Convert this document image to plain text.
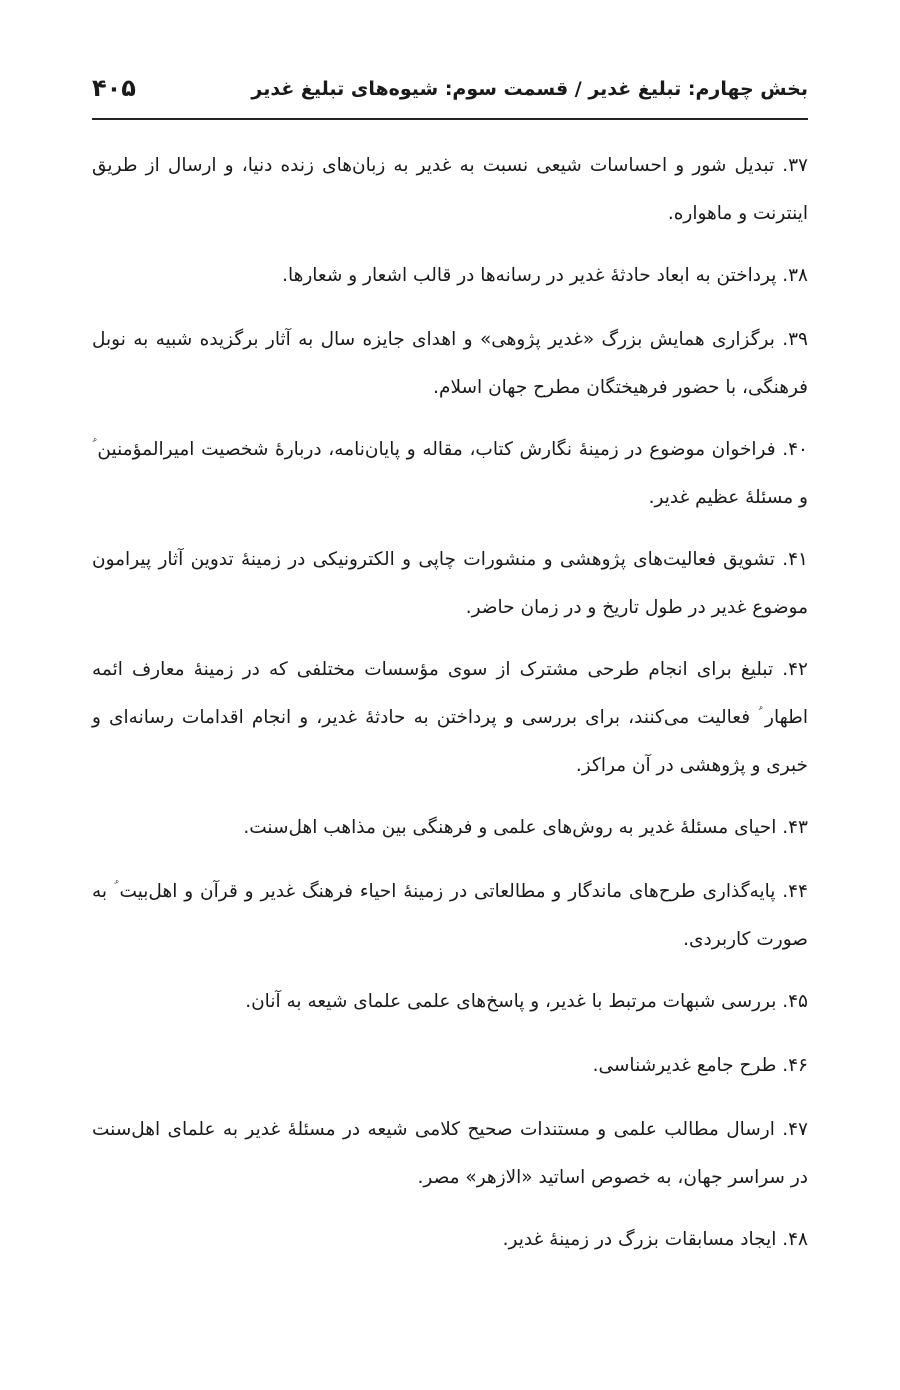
بخش چهارم: تبلیغ غدیر / قسمت سوم: شیوه‌های تبلیغ غدیر
۴۰۵

۳۷. تبدیل شور و احساسات شیعی نسبت به غدیر به زبان‌های زنده دنیا، و ارسال از طریق اینترنت و ماهواره.

۳۸. پرداختن به ابعاد حادثۀ غدیر در رسانه‌ها در قالب اشعار و شعارها.

۳۹. برگزاری همایش بزرگ «غدیر پژوهی» و اهدای جایزه سال به آثار برگزیده شبیه به نوبل فرهنگی، با حضور فرهیختگان مطرح جهان اسلام.

۴۰. فراخوان موضوع در زمینۀ نگارش کتاب، مقاله و پایان‌نامه، دربارۀ شخصیت امیرالمؤمنین ؑ و مسئلۀ عظیم غدیر.

۴۱. تشویق فعالیت‌های پژوهشی و منشورات چاپی و الکترونیکی در زمینۀ تدوین آثار پیرامون موضوع غدیر در طول تاریخ و در زمان حاضر.

۴۲. تبلیغ برای انجام طرحی مشترک از سوی مؤسسات مختلفی که در زمینۀ معارف ائمه اطهار ؑ فعالیت می‌کنند، برای بررسی و پرداختن به حادثۀ غدیر، و انجام اقدامات رسانه‌ای و خبری و پژوهشی در آن مراکز.

۴۳. احیای مسئلۀ غدیر به روش‌های علمی و فرهنگی بین مذاهب اهل‌سنت.

۴۴. پایه‌گذاری طرح‌های ماندگار و مطالعاتی در زمینۀ احیاء فرهنگ غدیر و قرآن و اهل‌بیت ؑ به صورت کاربردی.

۴۵. بررسی شبهات مرتبط با غدیر، و پاسخ‌های علمی علمای شیعه به آنان.

۴۶. طرح جامع غدیرشناسی.

۴۷. ارسال مطالب علمی و مستندات صحیح کلامی شیعه در مسئلۀ غدیر به علمای اهل‌سنت در سراسر جهان، به خصوص اساتید «الازهر» مصر.

۴۸. ایجاد مسابقات بزرگ در زمینۀ غدیر.
